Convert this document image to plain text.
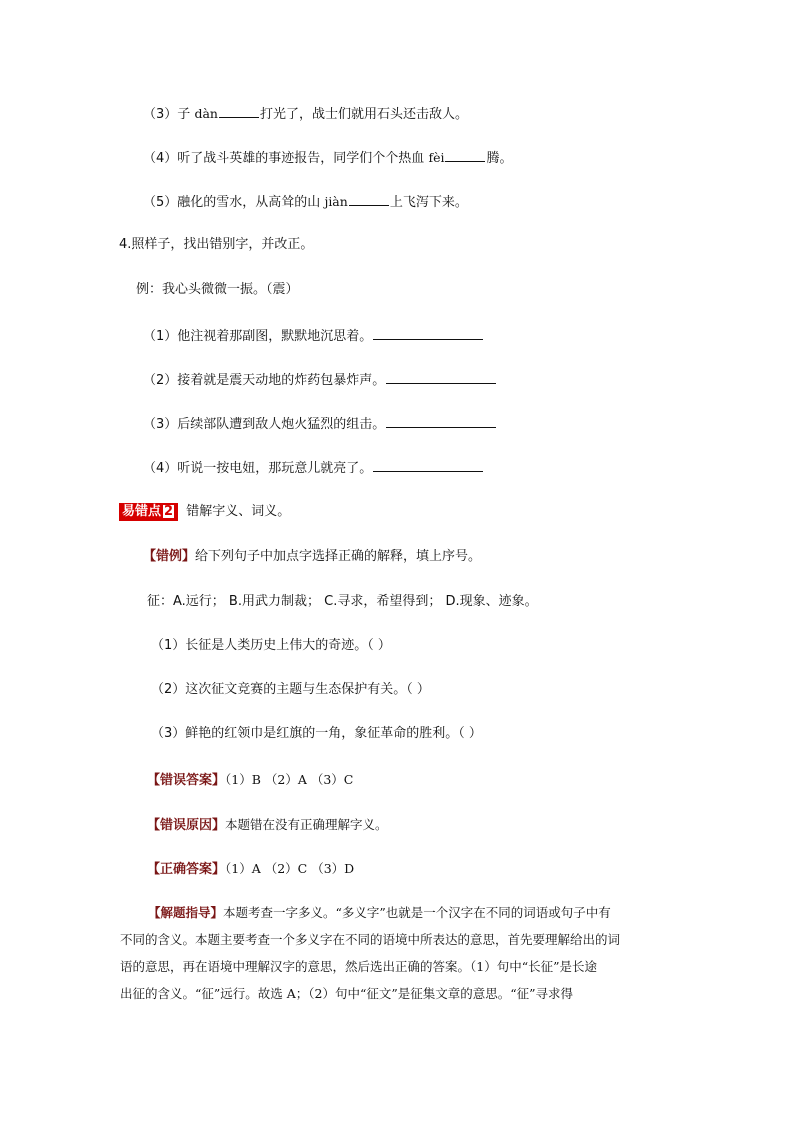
（3）子 dàn	打光了，战士们就用石头还击敌人。
（4）听了战斗英雄的事迹报告，同学们个个热血 fèi	腾。
（5）融化的雪水，从高耸的山 jiàn	上飞泻下来。
4.照样子，找出错别字，并改正。
例：我心头微微一振。（震）
（1）他注视着那副图，默默地沉思着。
（2）接着就是震天动地的炸药包暴炸声。
（3）后续部队遭到敌人炮火猛烈的组击。
（4）听说一按电妞，那玩意儿就亮了。
易错点 2 错解字义、词义。
【错例】给下列句子中加点字选择正确的解释，填上序号。
征：A.远行； B.用武力制裁； C.寻求，希望得到； D.现象、迹象。
（1）长征是人类历史上伟大的奇迹。（ ）
（2）这次征文竞赛的主题与生态保护有关。（ ）
（3）鲜艳的红领巾是红旗的一角，象征革命的胜利。（ ）
【错误答案】（1）B （2）A （3）C
【错误原因】本题错在没有正确理解字义。
【正确答案】（1）A （2）C （3）D
【解题指导】本题考查一字多义。“多义字”也就是一个汉字在不同的词语或句子中有
不同的含义。本题主要考查一个多义字在不同的语境中所表达的意思，首先要理解给出的词
语的意思，再在语境中理解汉字的意思，然后选出正确的答案。（1）句中“长征”是长途
出征的含义。“征”远行。故选 A；（2）句中“征文”是征集文章的意思。“征”寻求得
